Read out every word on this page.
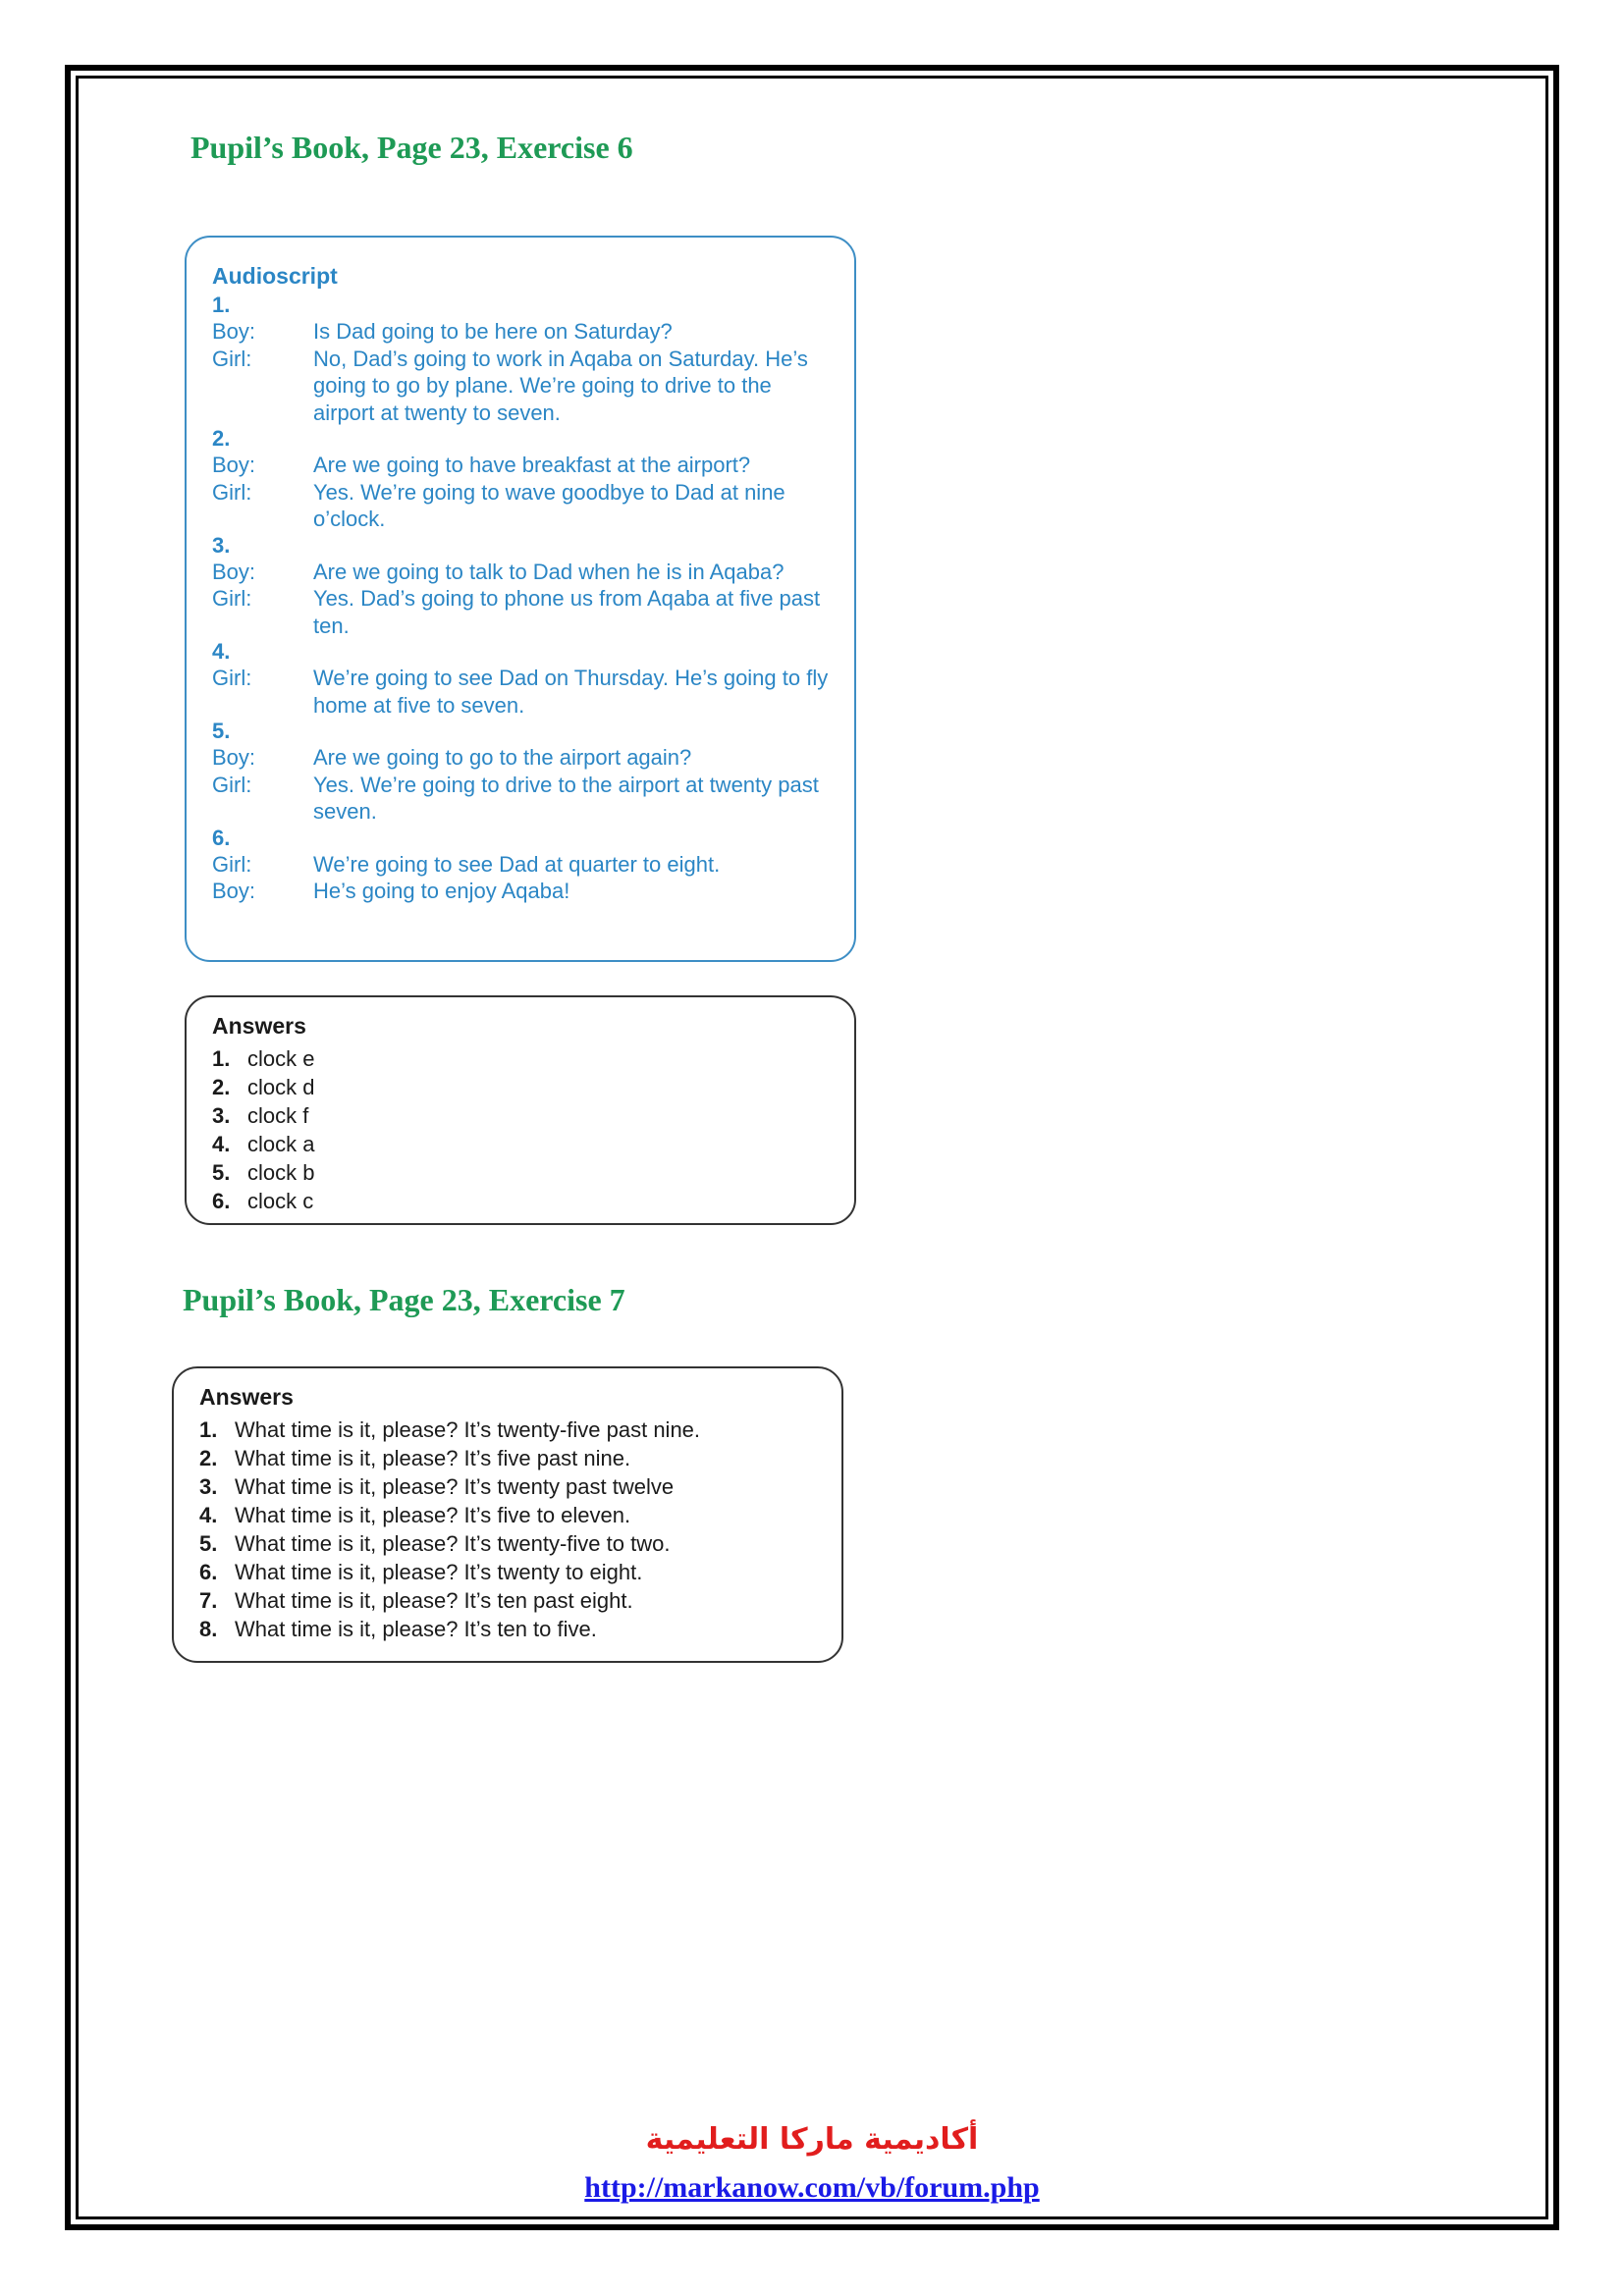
Pupil’s Book, Page 23, Exercise 6
Audioscript
1.
Boy:	Is Dad going to be here on Saturday?
Girl:	No, Dad’s going to work in Aqaba on Saturday. He’s going to go by plane. We’re going to drive to the airport at twenty to seven.
2.
Boy:	Are we going to have breakfast at the airport?
Girl:	Yes. We’re going to wave goodbye to Dad at nine o’clock.
3.
Boy:	Are we going to talk to Dad when he is in Aqaba?
Girl:	Yes. Dad’s going to phone us from Aqaba at five past ten.
4.
Girl:	We’re going to see Dad on Thursday. He’s going to fly home at five to seven.
5.
Boy:	Are we going to go to the airport again?
Girl:	Yes. We’re going to drive to the airport at twenty past seven.
6.
Girl:	We’re going to see Dad at quarter to eight.
Boy:	He’s going to enjoy Aqaba!
Answers
1. clock e
2. clock d
3. clock f
4. clock a
5. clock b
6. clock c
Pupil’s Book, Page 23, Exercise 7
Answers
1. What time is it, please? It’s twenty-five past nine.
2. What time is it, please? It’s five past nine.
3. What time is it, please? It’s twenty past twelve
4. What time is it, please? It’s five to eleven.
5. What time is it, please? It’s twenty-five to two.
6. What time is it, please? It’s twenty to eight.
7. What time is it, please? It’s ten past eight.
8. What time is it, please? It’s ten to five.
أكاديمية ماركا التعليمية
http://markanow.com/vb/forum.php
